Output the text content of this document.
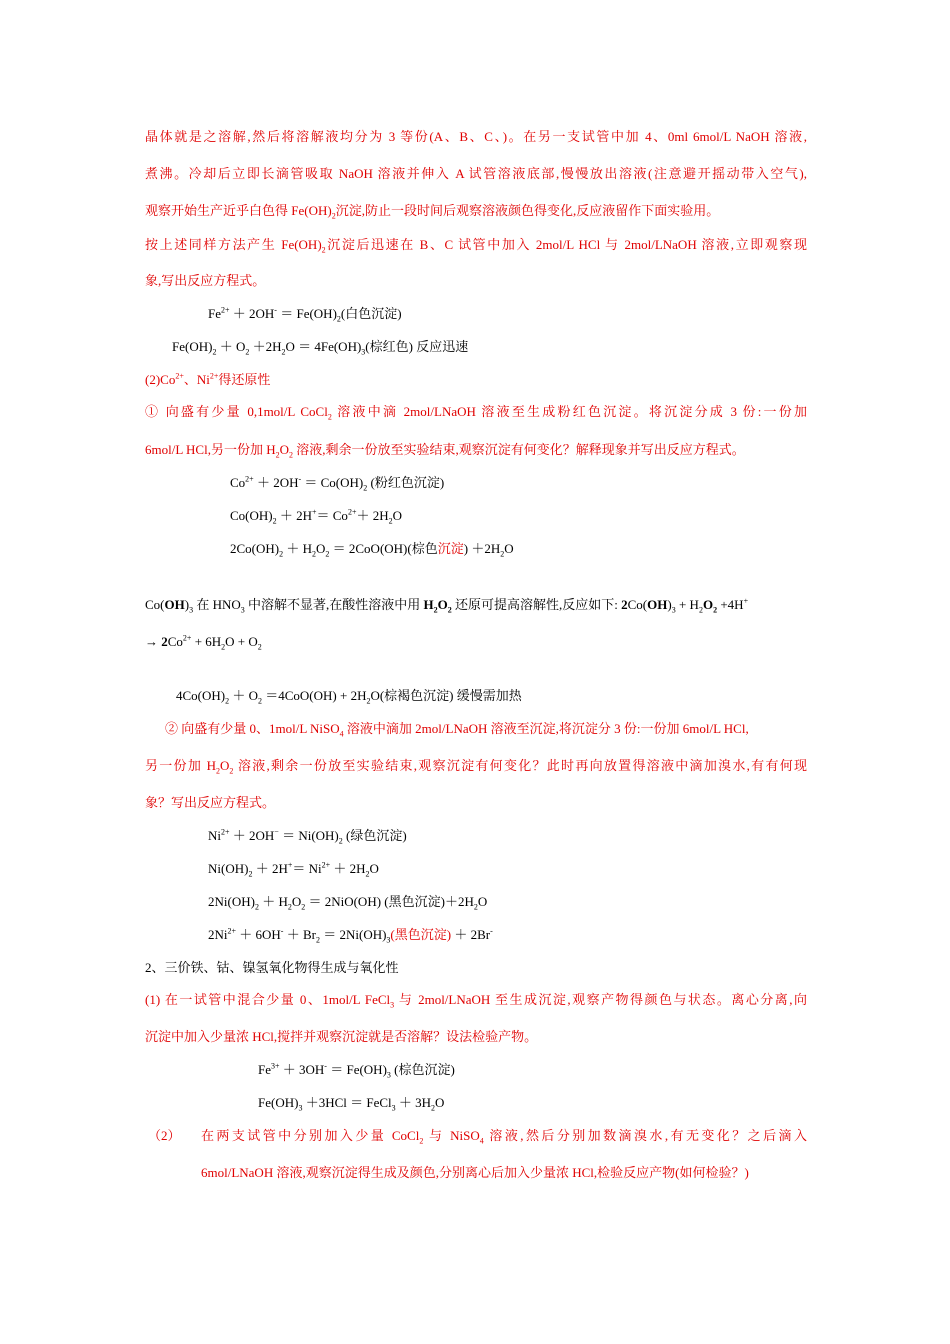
晶体就是之溶解,然后将溶解液均分为 3 等份(A、B、C、)。在另一支试管中加 4、0ml 6mol/L NaOH 溶液,
煮沸。冷却后立即长滴管吸取 NaOH 溶液并伸入 A 试管溶液底部,慢慢放出溶液(注意避开摇动带入空气),
观察开始生产近乎白色得 $Fe(OH)_2$沉淀,防止一段时间后观察溶液颜色得变化,反应液留作下面实验用。
按上述同样方法产生 $Fe(OH)_2$沉淀后迅速在 B、C 试管中加入 2mol/L HCl 与 2mol/LNaOH 溶液,立即观察现
象,写出反应方程式。
$Fe^{2+} + 2OH^- = Fe(OH)_2$(白色沉淀)
$Fe(OH)_2 + O_2 +2H_2O = 4Fe(OH)_3$(棕红色) 反应迅速
$(2)Co^{2+}$、$Ni^{2+}$得还原性
① 向盛有少量 0,1mol/L CoCl$_2$ 溶液中滴 2mol/LNaOH 溶液至生成粉红色沉淀。将沉淀分成 3 份:一份加
6mol/L HCl,另一份加 $H_2O_2$ 溶液,剩余一份放至实验结束,观察沉淀有何变化？解释现象并写出反应方程式。
$Co^{2+} + 2OH^- = Co(OH)_2$ (粉红色沉淀)
$Co(OH)_2 + 2H^+= Co^{2+}+ 2H_2O$
$2Co(OH)_2 + H_2O_2 = 2CoO(OH)$(棕色沉淀) $+2H_2O$
$Co(OH)_3$ 在 $HNO_3$ 中溶解不显著,在酸性溶液中用 $H_2O_2$ 还原可提高溶解性,反应如下: $2Co(OH)_3 + H_2O_2 +4H^+$
→ $2Co^{2+} + 6H_2O + O_2$
$4Co(OH)_2 + O_2 =4CoO(OH) + 2H_2O$(棕褐色沉淀) 缓慢需加热
② 向盛有少量 0、1mol/L NiSO$_4$ 溶液中滴加 2mol/LNaOH 溶液至沉淀,将沉淀分 3 份:一份加 6mol/L HCl,
另一份加 $H_2O_2$ 溶液,剩余一份放至实验结束,观察沉淀有何变化？此时再向放置得溶液中滴加溴水,有有何现
象？写出反应方程式。
$Ni^{2+} + 2OH^- = Ni(OH)_2$ (绿色沉淀)
$Ni(OH)_2 + 2H^+= Ni^{2+} + 2H_2O$
$2Ni(OH)_2 + H_2O_2 = 2NiO(OH)$ (黑色沉淀)$+2H_2O$
$2Ni^{2+} + 6OH^- + Br_2 = 2Ni(OH)_3$(黑色沉淀) ＋ 2Br-
2、三价铁、钴、镍氢氧化物得生成与氧化性
(1) 在一试管中混合少量 0、1mol/L FeCl$_3$ 与 2mol/LNaOH 至生成沉淀,观察产物得颜色与状态。离心分离,向
沉淀中加入少量浓 HCl,搅拌并观察沉淀就是否溶解？设法检验产物。
$Fe^{3+} + 3OH^- = Fe(OH)_3$ (棕色沉淀)
$Fe(OH)_3 +3HCl$ ＝ FeCl$_3$ ＋ $3H_2O$
（2） 在两支试管中分别加入少量 CoCl$_2$ 与 NiSO$_4$ 溶液,然后分别加数滴溴水,有无变化？之后滴入
6mol/LNaOH 溶液,观察沉淀得生成及颜色,分别离心后加入少量浓 HCl,检验反应产物(如何检验？)
